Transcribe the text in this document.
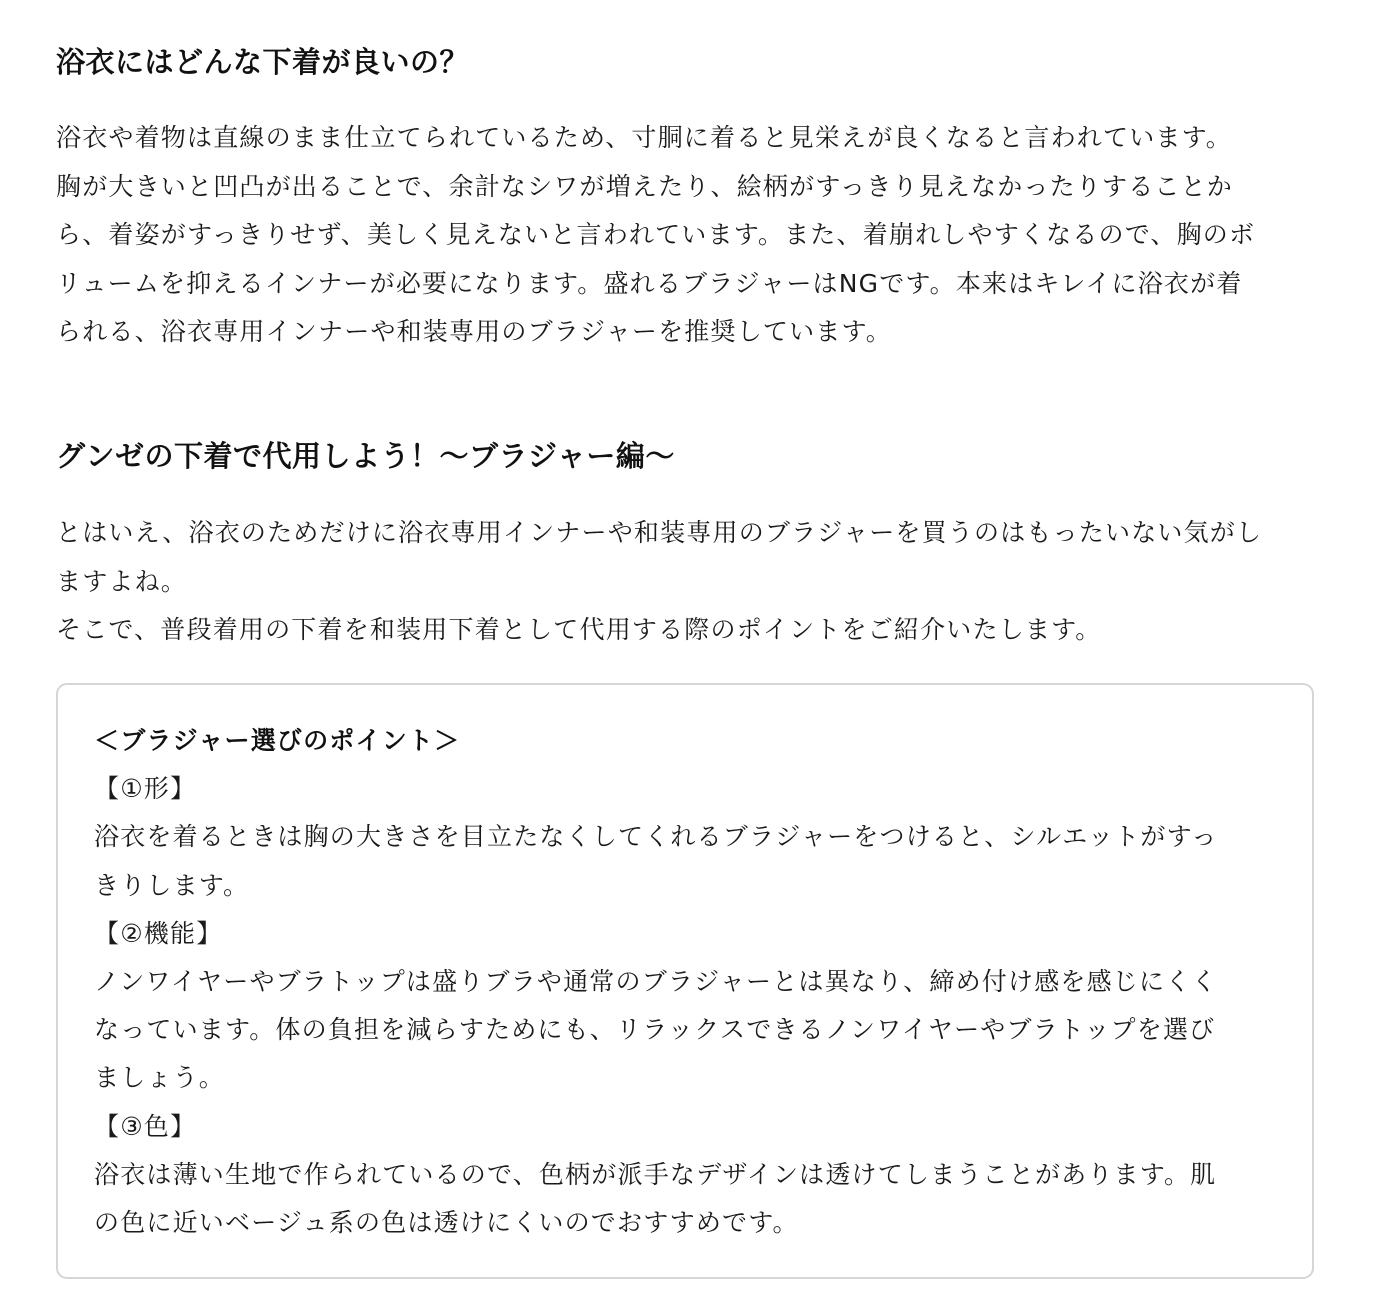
浴衣にはどんな下着が良いの？

浴衣や着物は直線のまま仕立てられているため、寸胴に着ると見栄えが良くなると言われています。
胸が大きいと凹凸が出ることで、余計なシワが増えたり、絵柄がすっきり見えなかったりすることか
ら、着姿がすっきりせず、美しく見えないと言われています。また、着崩れしやすくなるので、胸のボ
リュームを抑えるインナーが必要になります。盛れるブラジャーはNGです。本来はキレイに浴衣が着
られる、浴衣専用インナーや和装専用のブラジャーを推奨しています。

グンゼの下着で代用しよう！〜ブラジャー編〜

とはいえ、浴衣のためだけに浴衣専用インナーや和装専用のブラジャーを買うのはもったいない気がし
ますよね。
そこで、普段着用の下着を和装用下着として代用する際のポイントをご紹介いたします。

＜ブラジャー選びのポイント＞
【①形】
浴衣を着るときは胸の大きさを目立たなくしてくれるブラジャーをつけると、シルエットがすっ
きりします。
【②機能】
ノンワイヤーやブラトップは盛りブラや通常のブラジャーとは異なり、締め付け感を感じにくく
なっています。体の負担を減らすためにも、リラックスできるノンワイヤーやブラトップを選び
ましょう。
【③色】
浴衣は薄い生地で作られているので、色柄が派手なデザインは透けてしまうことがあります。肌
の色に近いベージュ系の色は透けにくいのでおすすめです。
